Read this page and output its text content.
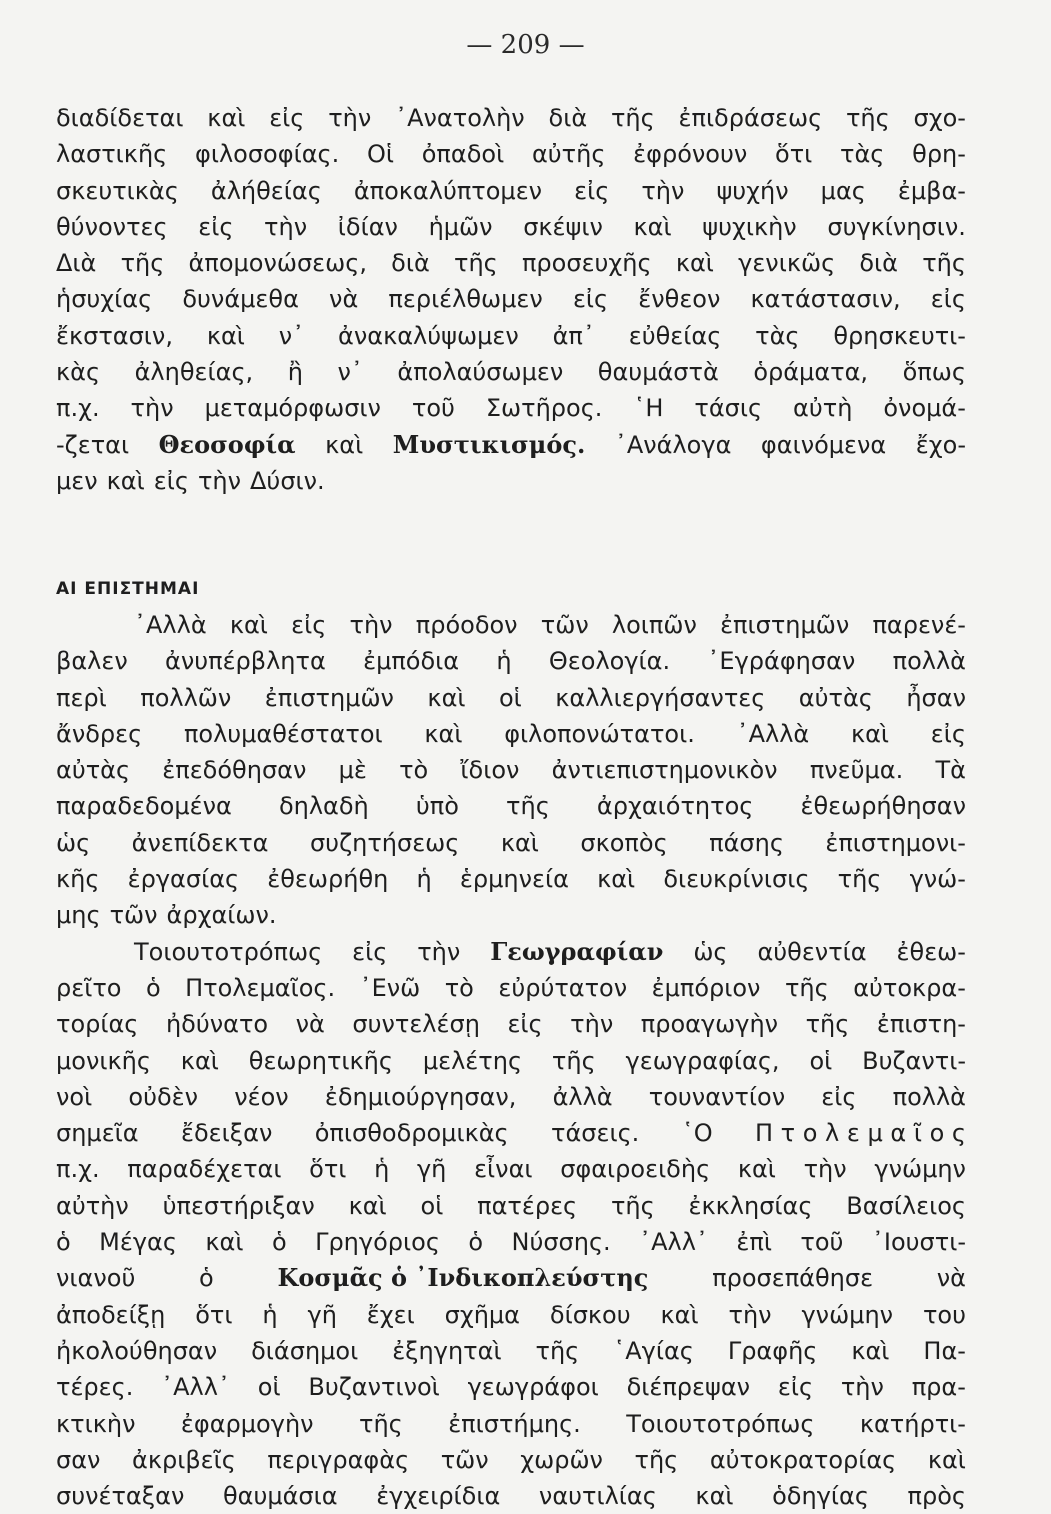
— 209 —
διαδίδεται καὶ εἰς τὴν ᾿Ανατολὴν διὰ τῆς ἐπιδράσεως τῆς σχο-
λαστικῆς φιλοσοφίας. Οἱ ὀπαδοὶ αὐτῆς ἐφρόνουν ὅτι τὰς θρη-
σκευτικὰς ἀλήθείας ἀποκαλύπτομεν εἰς τὴν ψυχήν μας ἐμβα-
θύνοντες εἰς τὴν ἰδίαν ἡμῶν σκέψιν καὶ ψυχικὴν συγκίνησιν.
Διὰ τῆς ἀπομονώσεως, διὰ τῆς προσευχῆς καὶ γενικῶς διὰ τῆς
ἡσυχίας δυνάμεθα νὰ περιέλθωμεν εἰς ἔνθεον κατάστασιν, εἰς
ἔκστασιν, καὶ ν᾿ ἀνακαλύψωμεν ἀπ᾿ εὐθείας τὰς θρησκευτι-
κὰς ἀληθείας, ἢ ν᾿ ἀπολαύσωμεν θαυμάστὰ ὁράματα, ὅπως
π.χ. τὴν μεταμόρφωσιν τοῦ Σωτῆρος. ῾Η τάσις αὐτὴ ὀνομά-
-ζεται Θεοσοφία καὶ Μυστικισμός. ᾿Ανάλογα φαινόμενα ἔχο-
μεν καὶ εἰς τὴν Δύσιν.
ΑΙ ΕΠΙΣΤΗΜΑΙ
᾿Αλλὰ καὶ εἰς τὴν πρόοδον τῶν λοιπῶν ἐπιστημῶν παρενέ-
βαλεν ἀνυπέρβλητα ἐμπόδια ἡ Θεολογία. ᾿Εγράφησαν πολλὰ
περὶ πολλῶν ἐπιστημῶν καὶ οἱ καλλιεργήσαντες αὐτὰς ἦσαν
ἄνδρες πολυμαθέστατοι καὶ φιλοπονώτατοι. ᾿Αλλὰ καὶ εἰς
αὐτὰς ἐπεδόθησαν μὲ τὸ ἴδιον ἀντιεπιστημονικὸν πνεῦμα. Τὰ
παραδεδομένα δηλαδὴ ὑπὸ τῆς ἀρχαιότητος ἐθεωρήθησαν
ὡς ἀνεπίδεκτα συζητήσεως καὶ σκοπὸς πάσης ἐπιστημονι-
κῆς ἐργασίας ἐθεωρήθη ἡ ἑρμηνεία καὶ διευκρίνισις τῆς γνώ-
μης τῶν ἀρχαίων.
Τοιουτοτρόπως εἰς τὴν Γεωγραφίαν ὡς αὐθεντία ἐθεω-
ρεῖτο ὁ Πτολεμαῖος. ᾿Ενῶ τὸ εὐρύτατον ἐμπόριον τῆς αὐτοκρα-
τορίας ἠδύνατο νὰ συντελέσῃ εἰς τὴν προαγωγὴν τῆς ἐπιστη-
μονικῆς καὶ θεωρητικῆς μελέτης τῆς γεωγραφίας, οἱ Βυζαντι-
νοὶ οὐδὲν νέον ἐδημιούργησαν, ἀλλὰ τουναντίον εἰς πολλὰ
σημεῖα ἔδειξαν ὀπισθοδρομικὰς τάσεις. ῾Ο Π τ ο λ ε μ α ῖ ο ς
π.χ. παραδέχεται ὅτι ἡ γῆ εἶναι σφαιροειδὴς καὶ τὴν γνώμην
αὐτὴν ὑπεστήριξαν καὶ οἱ πατέρες τῆς ἐκκλησίας Βασίλειος
ὁ Μέγας καὶ ὁ Γρηγόριος ὁ Νύσσης. ᾿Αλλ᾿ ἐπὶ τοῦ ᾿Ιουστι-
νιανοῦ	ὁ	Κοσμᾶς ὁ ᾿Ινδικοπλεύστης	προσεπάθησε	νὰ
ἀποδείξῃ ὅτι ἡ γῆ ἔχει σχῆμα δίσκου καὶ τὴν γνώμην του
ἠκολούθησαν διάσημοι ἐξηγηταὶ τῆς ῾Αγίας Γραφῆς καὶ Πα-
τέρες. ᾿Αλλ᾿ οἱ Βυζαντινοὶ γεωγράφοι διέπρεψαν εἰς τὴν πρα-
κτικὴν ἐφαρμογὴν τῆς ἐπιστήμης. Τοιουτοτρόπως κατήρτι-
σαν ἀκριβεῖς περιγραφὰς τῶν χωρῶν τῆς αὐτοκρατορίας καὶ
συνέταξαν θαυμάσια ἐγχειρίδια ναυτιλίας καὶ ὁδηγίας πρὸς
